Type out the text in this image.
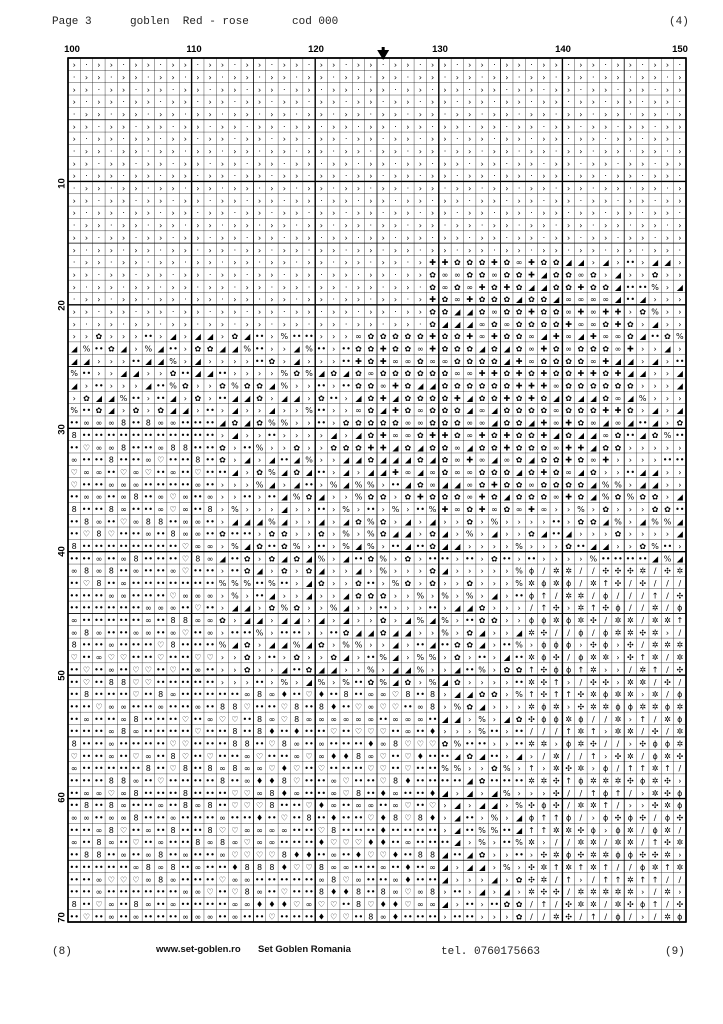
Page 3	goblen  Red - rose	cod 000	(4)
100	110	120	130	140	150
10
20
30
40
50
60
70
› · › › · › › · › › · › › · › › · › › · › › · › › · › › · › › · › › · › › · › › · › › · › › · › › ·
· › › · › › · › › · › › · › › · › › · › › · › › · › › · › › · › › · › › · › › · › › · › › · › › · ›
› › · › › · › › · › › · › › · › › · › › · › › · › › · › › · › › · › › · › › · › › · › › · › › · › ›
› · › › · › › · › › · › › · › › · › › · › › · › › · › › · › › · › › · › › · › › · › › · › › · › › ·
· › › · › › · › › · › › · › › · › › · › › · › › · › › · › › · › › · › › · › › · › › · › › · › › · ›
› › · › › · › › · › › · › › · › › · › › · › › · › › · › › · › › · › › · › › · › › · › › · › › · › ›
› · › › · › › · › › · › › · › › · › › · › › · › › · › › · › › · › › · › › · › › · › › · › › · › › ·
· › › · › › · › › · › › · › › · › › · › › · › › · › › · › › · › › · › › · › › · › › · › › · › › · ›
› › · › › · › › · › › · › › · › › · › › · › › · › › · › › · › › · › › · › › · › › · › › · › › · › ›
› · › › · › › · › › · › › · › › · › › · › › · › › · › › · › › · › › · › › · › › · › › · › › · › › ·
· › › · › › · › › · › › · › › · › › · › › · › › · › › · › › · › › · › › · › › · › › · › › · › › · ›
› › · › › · › › · › › · › › · › › · › › · › › · › › · › › · › › · › › · › › · › › · › › · › › · › ›
› · › › · › › · › › · › › · › › · › › · › › · › › · › › · › › · › › · › › · › › · › › · › › · › › ·
· › › · › › · › › · › › · › › · › › · › › · › › · › › · › › · › › · › › · › › · › › · › › · › › · ›
› › · › › · › › · › › · › › · › › · › › · › › · › › · › › · › › · › › · › › · › › · › › · › › · › ›
› · › › · › › · › › · › › · › › · › › · › › · › › · › › · › › · › › · › › · › › · › › · › › · › › ·
· › › · › › · › › · › › · › › · › › · › › · › › · › › · › ✚ ✚ ✿ ✿ ✿ ✚ ✿ ∞ ✚ ✿ ✿ ◢ ◢ › ◢ › •• › ◢ ◢ ›
› › · › › · › › · › › · › › · › › · › › · › › · › › · › › ✿ ∞ ∞ ✿ ✿ ∞ ✿ ✿ ✚ ◢ ✿ ✿ ∞ ✿ › ◢ › › ✿ › ›
› · › › · › › · › › · › › · › › · › › · › › · › › · › › · ✿ ∞ ✿ ∞ ✚ ✿ ✚ ✿ ◢ ◢ ✿ ✿ ✚ ✿ ✿ ◢ •• •• % › ◢
· › › · › › · › › · › › · › › · › › · › › · › › · › › · › ✚ ✿ ∞ ✚ ✿ ✿ ✿ ◢ ✿ ✿ ◢ ∞ ∞ ∞ ∞ ◢ •• ◢ › › ›
› › · › › · › › · › › · › › · › › · › › · › › · › › · › › ✿ ✿ ◢ ◢ ✿ ∞ ✿ ✿ ✚ ✿ ✿ ∞ ✚ ∞ ✚ ✚ › ✿ % › ›
› · › › · › › · › › · › › · › › · › › · › › · › › · › › · ✿ ◢ ◢ ◢ ∞ ✿ ∞ ✿ ✿ ✿ ✿ ✚ ∞ ∞ ✿ ✚ ✿ › ◢ › ›
› › ✿ › › › •• › ◢ › ◢ ◢ › ✿ ◢ •• › % •• •• › › › ∞ ✿ ✿ ✿ ✿ ✿ ✚ ✿ ✿ ✚ ∞ ✚ ✿ ✿ ∞ ◢ ✚ ∞ ◢ ✚ ∞ ∞ ✿ ◢ •• ✿ %
◢ % •• ✿ ◢ › % ◢ •• › ✿ ✿ ◢ ◢ % •• › › ◢ % •• › •• ✿ ✿ ✚ ✿ ✿ ∞ ✚ ✿ ✿ ✿ ◢ ✿ ◢ ✿ ∞ ✚ ✿ ∞ ✿ ✿ ✿ ∞ ✚ › › ◢ ›
◢ ◢ › › › •• ◢ ◢ % › ◢ › › › › •• ✿ › ◢ › › › •• ✚ ✿ ✚ ∞ ∞ ✿ ∞ ∞ ✿ ✿ ✿ ✿ ◢ ✚ ∞ ✿ ✿ ✿ ✿ ∞ ✚ ◢ ◢ › ◢ › ••
% •• › › ◢ ◢ › › ✿ •• ◢ ◢ •• › › › › % ✿ % ◢ ✿ ◢ ✿ ∞ ✿ ✿ ✿ ✿ ✿ ✿ ∞ ∞ ✚ ✚ ✿ ✚ ✿ ✚ ✿ ✿ ✚ ✚ ✿ ✚ ◢ ◢ › › ◢
◢ › •• › › › ◢ •• % ✿ › › ✿ % ✿ ✿ ◢ % › › •• › •• ✿ ✿ ∞ ✚ ✿ ◢ ◢ ✿ ✿ ✿ ✿ ✿ ✿ ✚ ✚ ✚ ∞ ✿ ✿ ✿ ✿ ✿ ✿ › › › ◢
› ✿ ◢ ◢ % •• › •• ◢ › ✿ › •• ◢ ◢ ✿ › ◢ ◢ › ✿ •• › ◢ ✿ ✚ ◢ ✿ ✿ ✿ ✿ ✚ ◢ ✿ ✿ ✚ ✿ ✚ ✿ ◢ ✿ ◢ ◢ ✿ ∞ ◢ % › › ›
% •• ✿ ◢ › ✿ › ✿ ◢ ◢ › •• › ◢ › › ◢ › › % •• › › ∞ ✿ ◢ ✚ ✿ ∞ ✿ ✿ ✿ ◢ ∞ ◢ ✿ ✿ ✿ ✿ ∞ ✿ ✿ ✿ ✚ ✚ ✿ › ◢ › ◢
•• ∞ ∞ ∞ 8 •• 8 ∞ ∞ •• •• •• ◢ ✿ ◢ ✿ % % › › •• › ✿ ✿ ✿ ✿ ✿ ∞ ∞ ✿ ✿ ✿ ∞ ∞ ◢ ✿ ✿ ◢ ✚ ∞ ✚ ✿ ∞ ◢ ∞ ◢ •• ◢ › ✿
8 •• •• •• •• •• •• •• •• •• •• •• › ◢ › › •• › › › › ◢ › ◢ ✿ ✚ ∞ ∞ ✿ ✚ ✚ ✿ ∞ ✚ ✿ ✚ ✿ ✿ ✚ ◢ ✿ ◢ ◢ ∞ ✿ •• ◢ ✿ % ••
•• ♡ ∞ ∞ 8 •• •• ∞ 8 8 •• •• ✿ › •• % › › ✿ › › ✿ ✿ ✿ ✚ ✚ ◢ ✿ ◢ ✿ ✿ ∞ ◢ ✿ ✿ ✚ ✿ ✿ ✿ ∞ ✚ ✚ ◢ ✿ ✿ › › › › ›
∞ •• •• 8 •• •• ∞ ♡ •• •• 8 •• ✿ › ◢ › ◢ •• ◢ % › › ◢ ◢ ✿ ◢ ◢ ◢ ✿ ◢ ✿ ∞ ✚ ∞ ◢ ∞ ✿ ◢ ✿ ✿ ✚ ✿ ∞ ✚ › › › › •• ••
♡ ∞ ∞ •• ♡ ∞ ♡ •• ∞ •• ♡ •• •• ◢ › ✿ % ◢ ✿ ◢ •• › ◢ › ◢ ◢ ✚ ∞ ◢ ∞ ✿ ∞ ∞ ✿ ✿ ✿ ◢ ✿ ✚ ✿ ∞ ◢ ✿ › › •• ◢ ◢ › ›
♡ •• •• ∞ ∞ ∞ •• •• •• •• ∞ •• › › › % ◢ › ◢ •• › % ◢ % % › •• ◢ ✿ ∞ ◢ ◢ ∞ ✿ ✚ ✿ ✿ ∞ ✿ ✿ ✿ ✿ ◢ % % › ◢ ◢ › ›
•• ∞ ∞ •• ∞ 8 •• ∞ ♡ ∞ •• ∞ › › •• › •• ◢ % ✿ ◢ › › % ✿ ✿ › ✿ ✚ ✿ ✿ ✿ ∞ ✚ ✿ ◢ ✿ ✿ ✿ ∞ ✚ ✿ ◢ % ✿ % ✿ ✿ › ◢
8 •• •• 8 ∞ •• •• ∞ ♡ ∞ •• 8 › % › › › ◢ › › •• › % › •• › % › •• % ✚ ∞ ✿ ✚ ∞ ✿ ∞ ✚ ∞ › › % › ✿ › › › ✿ ✿ ••
•• 8 ∞ •• ♡ ∞ 8 8 •• ∞ ∞ •• › ◢ ◢ ◢ % ◢ › › ◢ › ◢ ✿ % ✿ › ◢ › ◢ › › ✿ › % › › › › •• › ✿ ✿ ◢ % › ◢ % % ◢
•• ♡ 8 ♡ •• •• ∞ •• 8 ∞ ∞ •• ✿ •• •• › ✿ ✿ › › ✿ › % › % ✿ ◢ ◢ › ✿ ◢ › % › ◢ › › ✿ ◢ •• ◢ › › › ✿ › › › › ◢
8 •• •• •• •• •• •• •• •• ♡ ∞ ∞ › % ◢ ✿ •• ✿ % › •• › % ◢ % › •• ◢ •• ✿ ◢ ◢ › › › › % › › › ✿ •• ◢ ◢ › › ✿ % •• ›
•• •• ∞ •• ∞ 8 •• •• •• ♡ 8 ∞ ◢ •• ✿ › ✿ ◢ ✿ ◢ % › ◢ •• ✿ % › ✿ › •• •• › •• › ✿ •• › •• › › › › % •• •• •• •• ◢ % ◢
∞ 8 ∞ 8 •• ∞ •• •• ∞ ♡ •• •• › •• ✿ ◢ › ✿ › ✿ ◢ › › ◢ › % › › › ✿ ◢ › › › › › % ϕ / ✲ ✲ / / ✣ ✣ ✣ ✲ / ✣ ✲
•• ♡ 8 •• ∞ •• •• •• •• •• •• •• % % % •• % •• › ◢ ✿ › › ✿ •• › % ✿ › ✿ › › ✿ › › › % ✲ ϕ ✲ ϕ / ✲ ↑ ✣ / ✣ / / /
•• •• •• ∞ ∞ •• •• •• ♡ ∞ ∞ ∞ › % › •• ◢ › › ◢ › › ◢ ✿ ✿ ✿ › › % › % › % › ◢ › •• ϕ ↑ / ✲ ✲ / ϕ / / / ↑ / ✣
•• •• •• •• •• •• ∞ ∞ ∞ •• ♡ •• › ◢ ◢ › ✿ % ✿ › › % ◢ › › •• › › › •• › ◢ ◢ ✿ › › › / ↑ ✣ › ✲ ↑ ✣ ϕ / / ✲ / ϕ
∞ •• •• •• •• •• ∞ •• 8 8 ∞ ∞ ✿ › ◢ ◢ › ◢ ◢ › ◢ › ◢ › › ✿ › ◢ % ◢ % › •• ✿ ✿ › › ϕ ϕ ✲ ϕ ✲ ✣ / ✲ ✲ / ✲ ✲ ↑
∞ 8 ∞ •• •• ∞ ∞ •• ∞ ♡ •• ∞ › •• •• % › •• •• › › •• ✿ ◢ ◢ ✿ ◢ ◢ › › % › ✿ ◢ › › ◢ ✲ ✣ / / ϕ / ϕ ✲ ✲ ✣ ✲ › /
8 •• •• ∞ •• •• •• ♡ 8 •• •• •• % ◢ ✿ › ◢ ◢ % ◢ ✿ › % % › › ◢ › •• ◢ •• ✿ ✿ ◢ › •• % › ϕ ϕ ϕ › ✣ ϕ › ✣ / ✲ ✲ ✲
♡ •• ∞ ♡ ♡ •• •• ♡ •• •• ♡ ♡ › › ✿ › •• › ✿ › › ✿ ◢ › •• % ◢ › % % › ✿ › •• › ◢ •• ✲ ϕ ✣ / ϕ ✲ ✲ › ✣ ↑ ✲ / ✲
•• ♡ •• ∞ •• ♡ ♡ •• ♡ •• ∞ •• › › ✿ › › ◢ •• ✿ ◢ ◢ › › % › ◢ ◢ % › › ◢ •• % › ✿ ✿ ↑ ✣ ϕ ϕ ↑ ✲ › › / ✲ ↑ / ✣
•• ♡ •• 8 8 ♡ ♡ •• •• •• •• •• › › › •• › % › ◢ % › % •• ✿ % ◢ ✿ › % ◢ ✿ › › › › •• ✲ ✣ ↑ › / ✣ ✣ › ✲ ✲ / ✣ /
•• 8 •• •• •• ♡ •• 8 ∞ •• •• •• •• •• ∞ 8 ∞ ♦ •• ♡ ♦ •• 8 •• ∞ ∞ ♡ 8 •• 8 › ◢ ◢ ✿ ✿ › % ↑ ✣ ↑ ↑ ✣ ✲ ϕ ✲ ✲ › ✲ / ϕ
•• •• ♡ ∞ ∞ •• •• ∞ •• •• ∞ •• 8 8 ♡ •• •• ♡ 8 •• 8 ♦ •• ♡ ∞ ♡ ♡ •• ∞ 8 › % ✿ ◢ › › › ✲ ϕ ✲ › ✣ ✲ ✲ ϕ ϕ ✲ ✲ ϕ ✲
•• ∞ •• •• ∞ 8 •• •• •• ♡ •• ∞ ♡ ♡ •• 8 ∞ ♡ 8 ∞ ∞ ∞ ∞ ∞ ∞ •• ∞ ∞ ∞ •• ◢ ◢ › % › ◢ ✿ ✣ ϕ ϕ ✲ ϕ / / ✲ › ↑ / ✲ ϕ
•• •• •• ∞ 8 ∞ •• •• •• •• ♡ •• •• 8 •• 8 ♦ •• ♦ •• •• ♡ •• ♡ ♡ ♡ •• ∞ •• ♦ › › › % •• › •• / / / ↑ ✲ ↑ › ✲ ✲ / ✣ / ✲
8 •• •• ∞ •• •• •• •• ♡ ♡ •• •• •• 8 8 •• ♡ 8 ∞ •• ∞ •• •• •• ♦ ∞ 8 ♡ ♡ ♡ ✿ % •• •• › › •• ✲ ✲ › ϕ ✲ ✣ / / › ✣ ϕ ϕ ✲
♡ •• •• ∞ •• ♡ ∞ •• 8 ♡ •• ♡ •• •• ∞ ♡ •• •• ∞ ♡ ∞ ♦ ♦ 8 ∞ ♡ •• ♡ ♦ •• •• ◢ ✿ ◢ •• › ◢ › / ✲ / / ↑ › ✣ ✲ / ϕ ✲ ✣
∞ •• •• •• •• •• 8 •• ♡ 8 •• 8 ∞ 8 ∞ ∞ ♡ ♦ ♡ •• ♡ •• •• •• ♡ ♡ •• ♡ •• •• % % › › ✿ % › ↑ › ✲ ✣ ✲ › ϕ / ↑ ↑ ✲ ↑ /
•• •• •• 8 8 ∞ •• ♡ •• •• •• •• 8 •• ∞ ♦ ♦ 8 ♡ •• •• ∞ ♡ •• •• ♡ 8 ♦ •• •• •• •• ◢ ✿ •• •• •• ✲ ✲ ✣ ↑ ϕ ✲ ✲ ✲ ✣ ϕ ✲ ✣ ›
•• ∞ ∞ ♡ ∞ 8 •• •• •• 8 •• •• •• ♡ ♡ ∞ 8 ♦ ∞ •• •• ∞ ♡ 8 •• ♦ ∞ •• •• ♦ ◢ › ◢ › ◢ % › › › ✣ / / ↑ ϕ ↑ / › ✲ ✣ ϕ
•• 8 •• 8 ∞ •• •• ∞ •• 8 ∞ 8 •• ♡ ♡ ♡ 8 •• •• ♡ ♦ ∞ •• ∞ ∞ •• ∞ ♡ •• ♡ › ◢ › ◢ ◢ › % ✣ ϕ ✣ / ✲ ✲ ↑ / › › ✣ ✲ ϕ
∞ ∞ •• ∞ ∞ 8 •• •• ∞ •• •• •• ∞ •• •• ♦ •• ♡ •• 8 •• ♦ •• •• ♡ ♦ 8 ♡ 8 ♦ › ◢ •• › % › ◢ ϕ ↑ ↑ ϕ / › ϕ ✣ ϕ ✣ / ϕ ✣
•• •• ∞ 8 ♡ •• ∞ •• 8 •• •• 8 ♡ ♡ ∞ ∞ ∞ ∞ •• •• ♡ 8 •• •• •• ♦ •• •• •• •• › ◢ •• % % •• ◢ ↑ ↑ ✲ ✲ ✣ ϕ › ϕ ✲ / ϕ ✲ /
∞ •• 8 ∞ •• ♡ •• ∞ •• •• 8 ∞ 8 ∞ ♡ ∞ ∞ •• •• •• ♦ ♡ ♡ ♡ ♦ ♦ •• ∞ •• •• •• ◢ › % › •• % ✲ › / / ✲ ✲ / ✲ ✲ / ↑ ✣ ✲
•• 8 8 •• ∞ •• ∞ 8 •• ∞ •• •• ∞ ♡ ♡ ♡ ♡ 8 ♦ ♦ •• ∞ •• ♦ ♡ ♡ ♦ •• 8 8 ◢ •• ◢ ✿ › › •• › ✣ ✲ ϕ ✣ ✲ ✲ ϕ ϕ ✣ ✣ ✲ ›
•• •• •• •• •• ∞ 8 ∞ 8 •• ∞ •• •• ♦ 8 8 8 ♦ ♡ ♡ 8 ∞ ∞ •• •• ∞ •• ♦ •• ∞ ◢ › ◢ ◢ › % › ✣ ✲ ↑ ✲ ↑ ✲ ↑ / / ϕ ✲ ↑ ✲
•• •• ∞ ♡ ♡ ♡ ∞ 8 ∞ •• •• •• ♡ ∞ ∞ •• •• •• •• •• ∞ 8 ♡ ∞ •• •• ∞ ♦ •• •• ◢ › › › ◢ › ✿ ✣ ✲ / ↑ › / ↑ ↑ ✲ ↑ ↑ / /
•• •• ∞ •• •• •• •• •• •• ∞ ∞ ♡ •• ♡ 8 ∞ •• ♡ •• •• 8 ♦ ♦ 8 •• 8 ∞ ♡ ∞ 8 › •• › ◢ › ◢ › ✲ ✣ ✣ / ✲ ✲ ✲ ✲ ✲ › / ✲ ›
8 •• ♡ ∞ •• 8 ∞ •• ∞ •• •• •• •• ∞ ∞ ♦ ♦ ♦ ♡ ∞ ♡ ♡ •• 8 ♡ ♦ ♦ ♡ ∞ ∞ ◢ › •• › •• ✿ ✿ / ↑ / ✣ ✲ ✲ / ✲ ✣ ϕ ↑ / ✣
•• ♡ •• ∞ •• ∞ •• •• •• ∞ ∞ ∞ •• ∞ •• •• ♡ •• •• •• ♦ ♡ ♡ •• 8 ∞ ♦ •• •• •• › •• •• › › › ✿ / / ✲ ✣ / ↑ / ϕ / › / ✲ ϕ
(8)	www.set-goblen.ro Set Goblen Romania	tel. 0760175663	(9)
